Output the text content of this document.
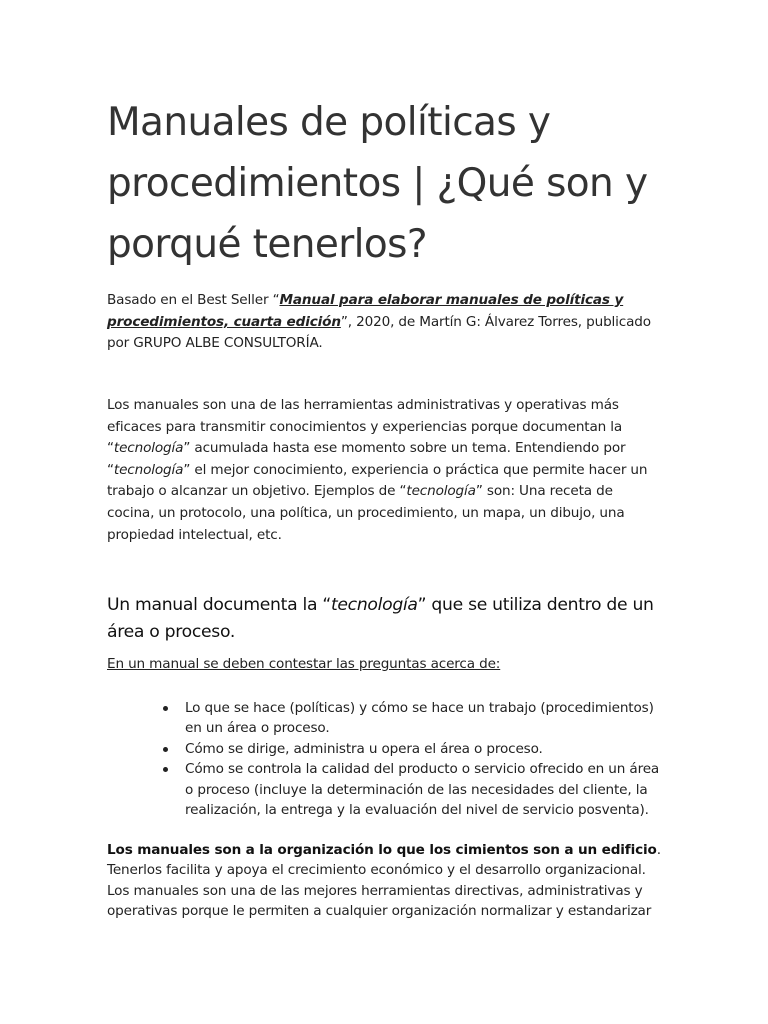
Manuales de políticas y procedimientos | ¿Qué son y porqué tenerlos?

Basado en el Best Seller “Manual para elaborar manuales de políticas y procedimientos, cuarta edición”, 2020, de Martín G: Álvarez Torres, publicado por GRUPO ALBE CONSULTORÍA.

Los manuales son una de las herramientas administrativas y operativas más eficaces para transmitir conocimientos y experiencias porque documentan la “tecnología” acumulada hasta ese momento sobre un tema. Entendiendo por “tecnología” el mejor conocimiento, experiencia o práctica que permite hacer un trabajo o alcanzar un objetivo. Ejemplos de “tecnología” son: Una receta de cocina, un protocolo, una política, un procedimiento, un mapa, un dibujo, una propiedad intelectual, etc.

Un manual documenta la “tecnología” que se utiliza dentro de un área o proceso.

En un manual se deben contestar las preguntas acerca de:

Lo que se hace (políticas) y cómo se hace un trabajo (procedimientos) en un área o proceso.
Cómo se dirige, administra u opera el área o proceso.
Cómo se controla la calidad del producto o servicio ofrecido en un área o proceso (incluye la determinación de las necesidades del cliente, la realización, la entrega y la evaluación del nivel de servicio posventa).

Los manuales son a la organización lo que los cimientos son a un edificio. Tenerlos facilita y apoya el crecimiento económico y el desarrollo organizacional. Los manuales son una de las mejores herramientas directivas, administrativas y operativas porque le permiten a cualquier organización normalizar y estandarizar
